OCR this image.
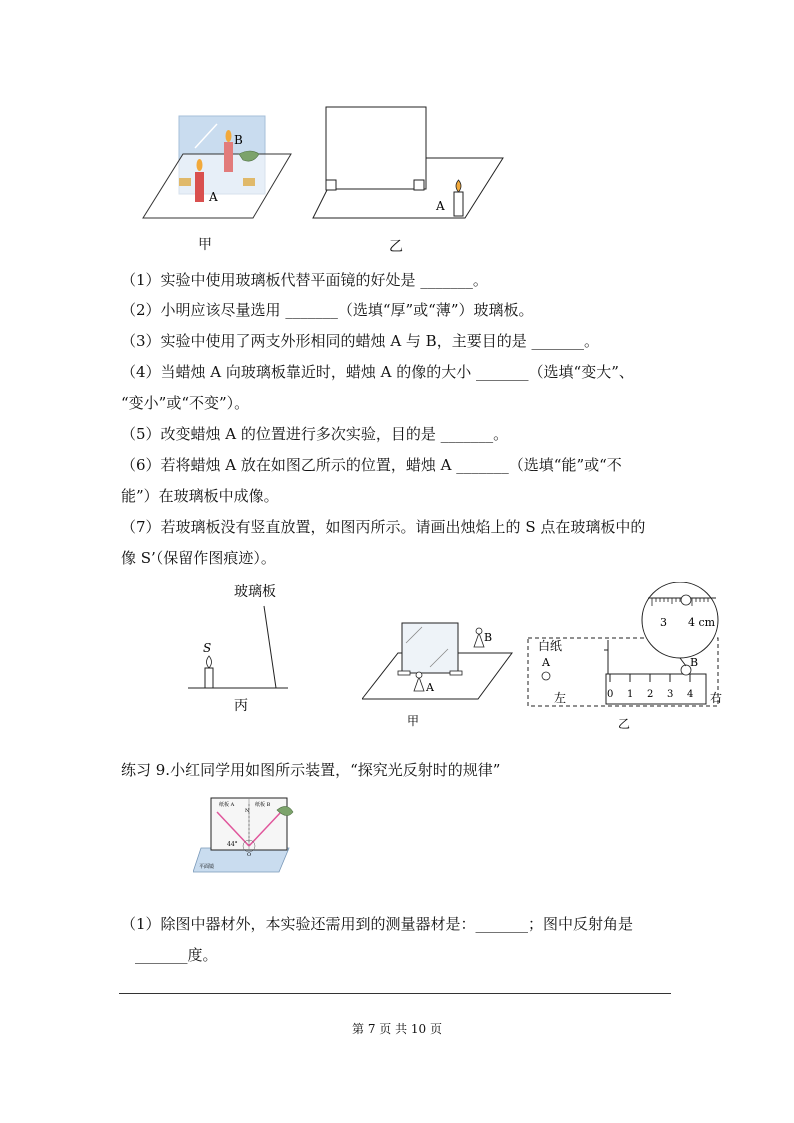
B
A
甲
A
乙
（1）实验中使用玻璃板代替平面镜的好处是 _______。
（2）小明应该尽量选用 _______（选填“厚”或“薄”）玻璃板。
（3）实验中使用了两支外形相同的蜡烛 A 与 B，主要目的是 _______。
（4）当蜡烛 A 向玻璃板靠近时，蜡烛 A 的像的大小 _______（选填“变大”、
“变小”或“不变”）。
（5）改变蜡烛 A 的位置进行多次实验，目的是 _______。
（6）若将蜡烛 A 放在如图乙所示的位置，蜡烛 A _______（选填“能”或“不
能”）在玻璃板中成像。
（7）若玻璃板没有竖直放置，如图丙所示。请画出烛焰上的 S 点在玻璃板中的
像 S’（保留作图痕迹）。
玻璃板
S
丙
B
A
甲
白纸
A
左	0 1 2 3 4 右
B
3 4 cm
乙
练习 9.小红同学用如图所示装置，“探究光反射时的规律”
纸板 A	纸板 B
N
44°
O
平面镜
（1）除图中器材外，本实验还需用到的测量器材是：_______；图中反射角是
_______度。
第 7 页 共 10 页
